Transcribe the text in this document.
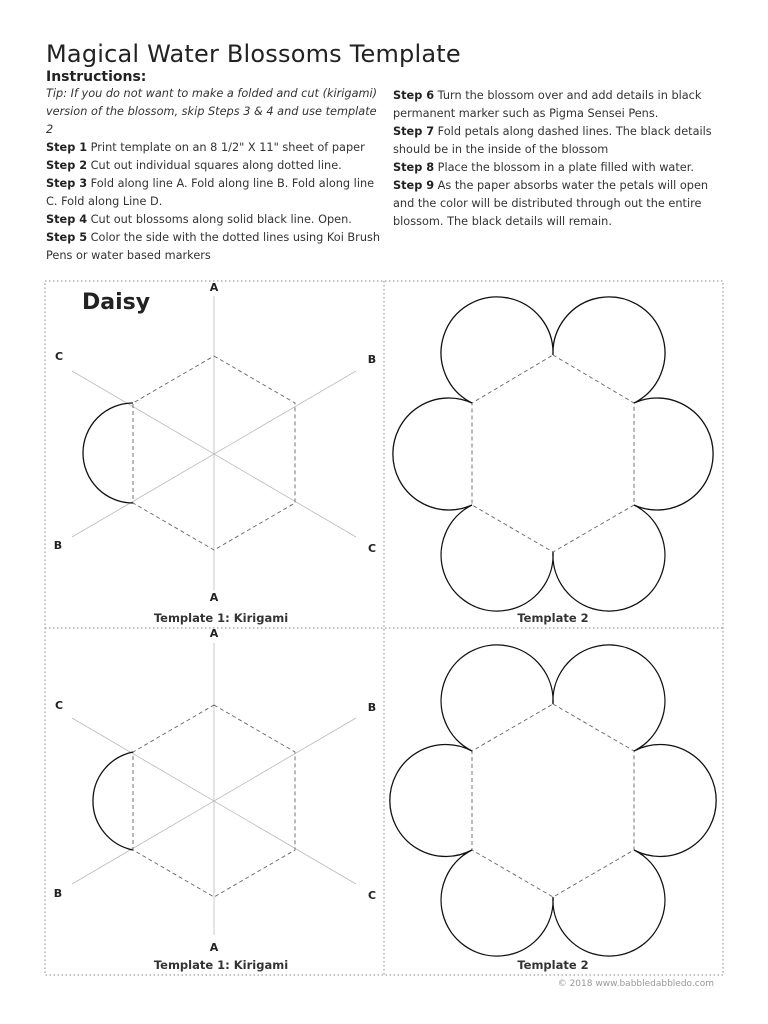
Magical Water Blossoms Template
Instructions:
Tip: If you do not want to make a folded and cut (kirigami) version of the blossom, skip Steps 3 & 4 and use template 2
Step 1 Print template on an 8 1/2" X 11" sheet of paper
Step 2 Cut out individual squares along dotted line.
Step 3 Fold along line A. Fold along line B. Fold along line C. Fold along Line D.
Step 4 Cut out blossoms along solid black line. Open.
Step 5 Color the side with the dotted lines using Koi Brush Pens or water based markers
Step 6 Turn the blossom over and add details in black permanent marker such as Pigma Sensei Pens.
Step 7 Fold petals along dashed lines. The black details should be in the inside of the blossom
Step 8 Place the blossom in a plate filled with water.
Step 9 As the paper absorbs water the petals will open and the color will be distributed through out the entire blossom. The black details will remain.
Daisy
A
A
B
B
C
C
A
A
B
B
C
C
Template 1: Kirigami	Template 2
Template 1: Kirigami	Template 2
© 2018 www.babbledabbledo.com
